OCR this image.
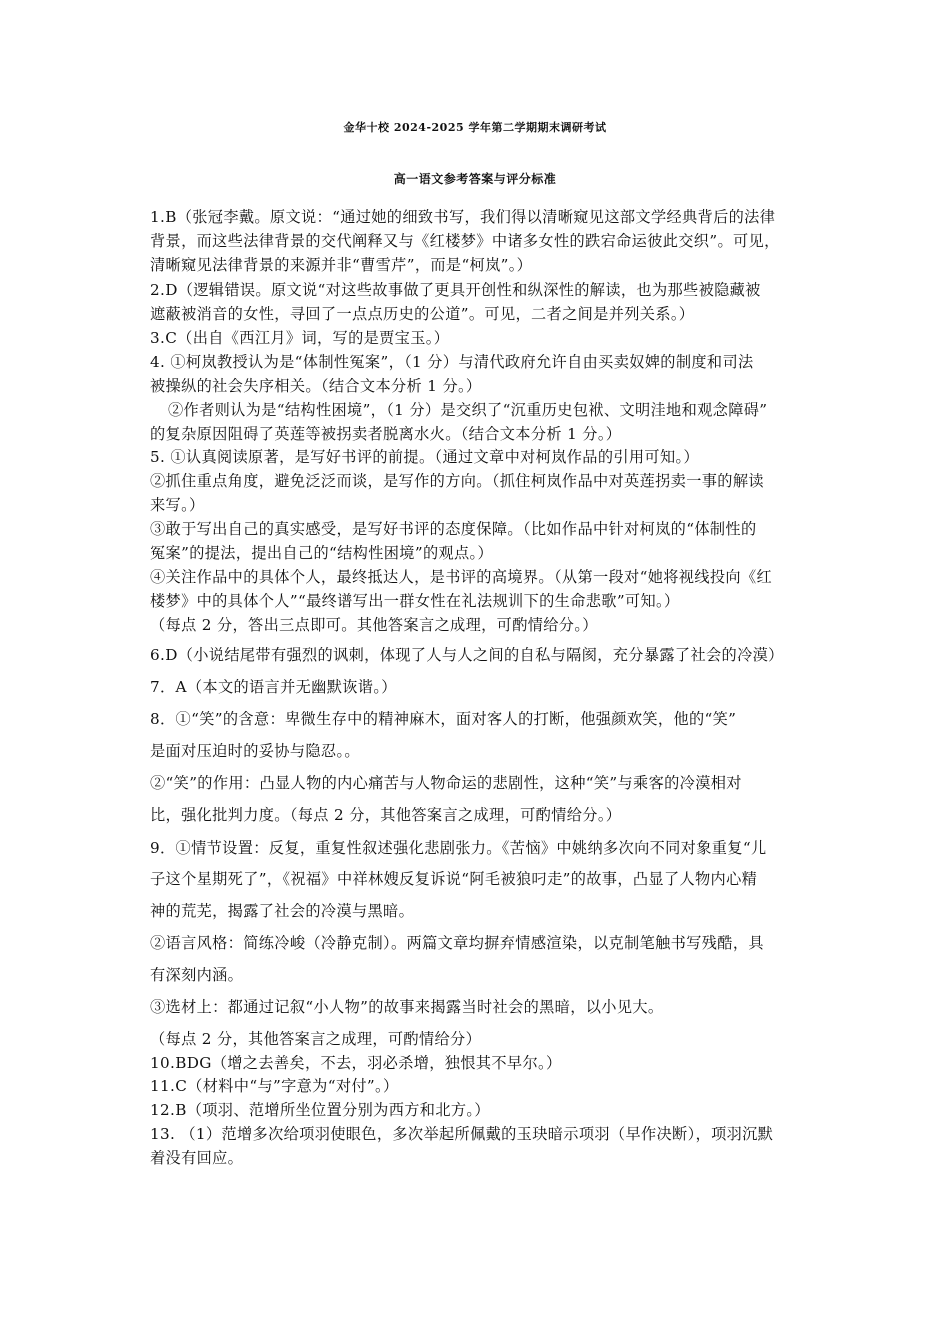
金华十校 2024-2025 学年第二学期期末调研考试
高一语文参考答案与评分标准
1.B（张冠李戴。原文说：“通过她的细致书写，我们得以清晰窥见这部文学经典背后的法律
背景，而这些法律背景的交代阐释又与《红楼梦》中诸多女性的跌宕命运彼此交织”。可见，
清晰窥见法律背景的来源并非“曹雪芹”，而是“柯岚”。）
2.D（逻辑错误。原文说“对这些故事做了更具开创性和纵深性的解读，也为那些被隐藏被
遮蔽被消音的女性，寻回了一点点历史的公道”。可见，二者之间是并列关系。）
3.C（出自《西江月》词，写的是贾宝玉。）
4. ①柯岚教授认为是“体制性冤案”，（1 分）与清代政府允许自由买卖奴婢的制度和司法
被操纵的社会失序相关。（结合文本分析 1 分。）
②作者则认为是“结构性困境”，（1 分）是交织了“沉重历史包袱、文明洼地和观念障碍”
的复杂原因阻碍了英莲等被拐卖者脱离水火。（结合文本分析 1 分。）
5. ①认真阅读原著，是写好书评的前提。（通过文章中对柯岚作品的引用可知。）
②抓住重点角度，避免泛泛而谈，是写作的方向。（抓住柯岚作品中对英莲拐卖一事的解读
来写。）
③敢于写出自己的真实感受，是写好书评的态度保障。（比如作品中针对柯岚的“体制性的
冤案”的提法，提出自己的“结构性困境”的观点。）
④关注作品中的具体个人，最终抵达人，是书评的高境界。（从第一段对“她将视线投向《红
楼梦》中的具体个人”“最终谱写出一群女性在礼法规训下的生命悲歌”可知。）
（每点 2 分，答出三点即可。其他答案言之成理，可酌情给分。）
6.D（小说结尾带有强烈的讽刺，体现了人与人之间的自私与隔阂，充分暴露了社会的冷漠）
7．A（本文的语言并无幽默诙谐。）
8．①“笑”的含意：卑微生存中的精神麻木，面对客人的打断，他强颜欢笑，他的“笑”
是面对压迫时的妥协与隐忍。。
②“笑”的作用：凸显人物的内心痛苦与人物命运的悲剧性，这种“笑”与乘客的冷漠相对
比，强化批判力度。（每点 2 分，其他答案言之成理，可酌情给分。）
9．①情节设置：反复，重复性叙述强化悲剧张力。《苦恼》中姚纳多次向不同对象重复“儿
子这个星期死了”，《祝福》中祥林嫂反复诉说“阿毛被狼叼走”的故事，凸显了人物内心精
神的荒芜，揭露了社会的冷漠与黑暗。
②语言风格：简练冷峻（冷静克制）。两篇文章均摒弃情感渲染，以克制笔触书写残酷，具
有深刻内涵。
③选材上：都通过记叙“小人物”的故事来揭露当时社会的黑暗，以小见大。
（每点 2 分，其他答案言之成理，可酌情给分）
10.BDG（增之去善矣，不去，羽必杀增，独恨其不早尔。）
11.C（材料中“与”字意为“对付”。）
12.B（项羽、范增所坐位置分别为西方和北方。）
13. （1）范增多次给项羽使眼色，多次举起所佩戴的玉玦暗示项羽（早作决断），项羽沉默
着没有回应。
